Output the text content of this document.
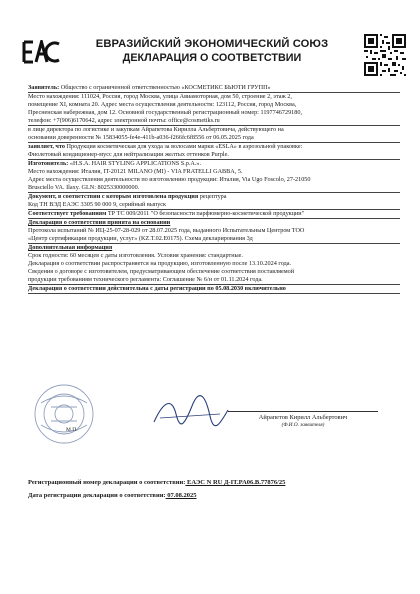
ЕВРАЗИЙСКИЙ ЭКОНОМИЧЕСКИЙ СОЮЗ
ДЕКЛАРАЦИЯ О СООТВЕТСТВИИ

Заявитель: Общество с ограниченной ответственностью «КОСМЕТИКС БЬЮТИ ГРУПП»

Место нахождения: 111024, Россия, город Москва, улица Авиамоторная, дом 50, строение 2, этаж 2,

помещение XI, комната 20. Адрес места осуществления деятельности: 123112, Россия, город Москва,

Пресненская набережная, дом 12. Основной государственный регистрационный номер: 1197746729180,

телефон: +7(906)6170642, адрес электронной почты: office@cosmetiks.ru

в лице директора по логистике и закупкам Айрапетова Кирилла Альбертовича, действующего на

основании доверенности № 15834055-fe4e-411b-a036-f266fc6f8556 от 06.05.2025 года

заявляет, что Продукция косметическая для ухода за волосами марки «ESLA» в аэрозольной упаковке:

Фиолетовый кондиционер-мусс для нейтрализации желтых оттенков Purple.

Изготовитель: «H.S.A. HAIR STYLING APPLICATIONS S.p.A.».

Место нахождения: Италия, IT-20121 MILANO (MI) - VIA FRATELLI GABBA, 5.

Адрес места осуществления деятельности по изготовлению продукции: Италия, Via Ugo Foscolo, 27-21050

Brusciello VA. Ilaxy. GLN: 8025330000000.

Документ, в соответствии с которым изготовлена продукция рецептура

Код ТН ВЭД ЕАЭС 3305 90 000 9, серийный выпуск

Соответствует требованиям ТР ТС 009/2011 "О безопасности парфюмерно-косметической продукции"

Декларация о соответствии принята на основании

Протокола испытаний № ИЦ-25-07-28-029 от 28.07.2025 года, выданного Испытательным Центром ТОО

«Центр сертификации продукции, услуг» (KZ.T.02.E0175). Схема декларирования 3д

Дополнительная информация

Срок годности: 60 месяцев с даты изготовления. Условия хранения: стандартные.

Декларация о соответствии распространяется на продукцию, изготовленную после 13.10.2024 года.

Сведения о договоре с изготовителем, предусматривающем обеспечение соответствия поставляемой

продукции требованиям технического регламента: Соглашение № 6/н от 01.11.2024 года.

Декларация о соответствии действительна с даты регистрации по 05.08.2030 включительно

М.П.
Айрапетов Кирилл Альбертович
(Ф.И.О. заявителя)
Регистрационный номер декларации о соответствии: ЕАЭС N RU Д-IT.PA06.B.77876/25
Дата регистрации декларации о соответствии: 07.08.2025
